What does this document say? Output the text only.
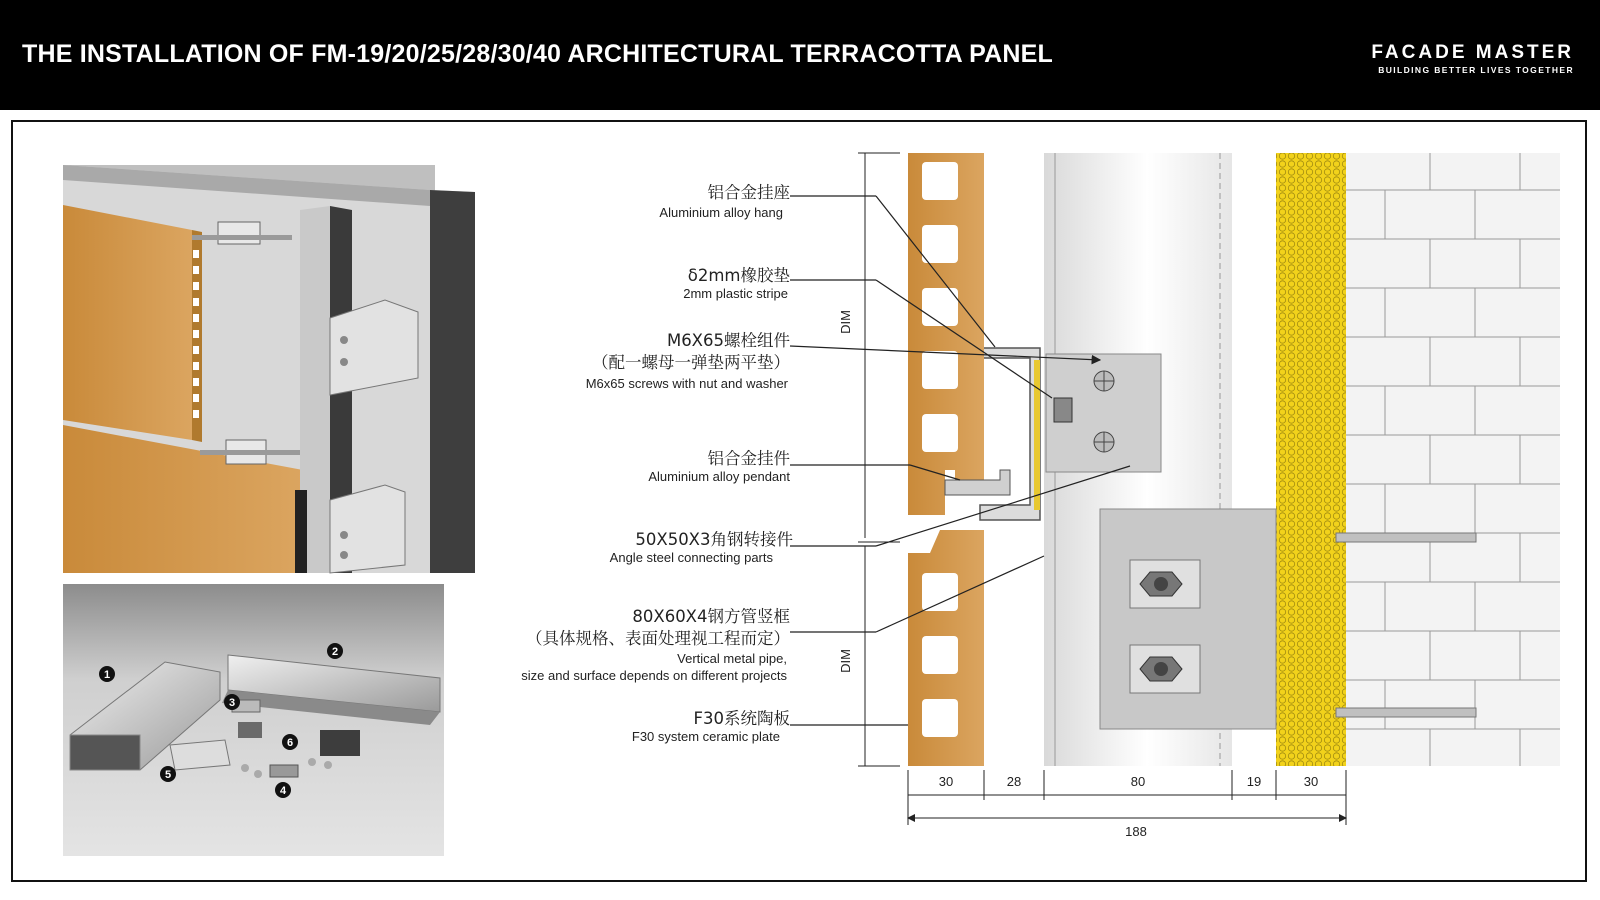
THE INSTALLATION OF FM-19/20/25/28/30/40 ARCHITECTURAL TERRACOTTA PANEL	FACADE MASTER
BUILDING BETTER LIVES TOGETHER
1
2
3
4
5
6
铝合金挂座
Aluminium alloy hang
δ2mm橡胶垫
2mm plastic stripe
M6X65螺栓组件
（配一螺母一弹垫两平垫）
M6x65 screws with nut and washer
铝合金挂件
Aluminium alloy pendant
50X50X3角钢转接件
Angle steel connecting parts
80X60X4钢方管竖框
（具体规格、表面处理视工程而定）
Vertical metal pipe,
size and surface depends on different projects
F30系统陶板
F30 system ceramic plate
DIM
DIM
30	28	80	19	30
188
